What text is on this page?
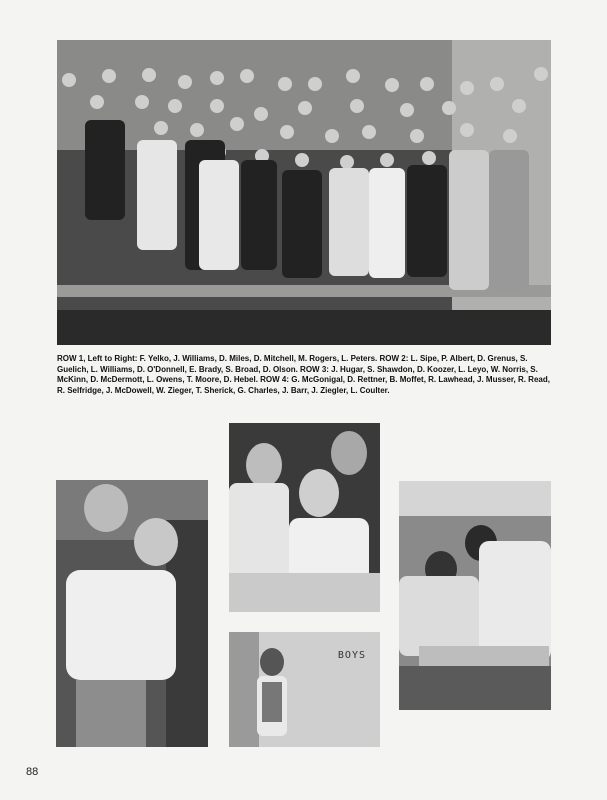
ROW 1, Left to Right: F. Yelko, J. Williams, D. Miles, D. Mitchell, M. Rogers, L. Peters. ROW 2: L. Sipe, P. Albert, D. Grenus, S. Guelich, L. Williams, D. O'Donnell, E. Brady, S. Broad, D. Olson. ROW 3: J. Hugar, S. Shawdon, D. Koozer, L. Leyo, W. Norris, S. McKinn, D. McDermott, L. Owens, T. Moore, D. Hebel. ROW 4: G. McGonigal, D. Rettner, B. Moffet, R. Lawhead, J. Musser, R. Read, R. Selfridge, J. McDowell, W. Zieger, T. Sherick, G. Charles, J. Barr, J. Ziegler, L. Coulter.
BOYS
88
